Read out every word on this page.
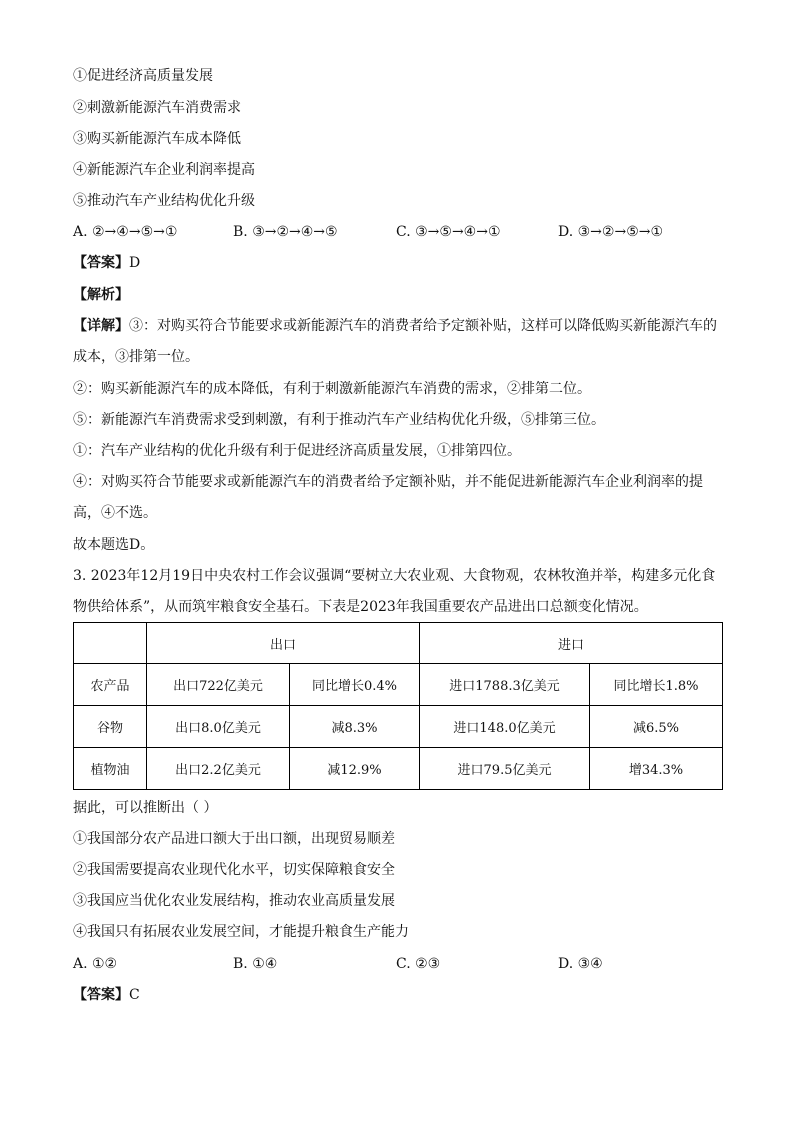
①促进经济高质量发展
②刺激新能源汽车消费需求
③购买新能源汽车成本降低
④新能源汽车企业利润率提高
⑤推动汽车产业结构优化升级
A. ②→④→⑤→①	B. ③→②→④→⑤	C. ③→⑤→④→①	D. ③→②→⑤→①
【答案】D
【解析】
【详解】③：对购买符合节能要求或新能源汽车的消费者给予定额补贴，这样可以降低购买新能源汽车的成本，③排第一位。
②：购买新能源汽车的成本降低，有利于刺激新能源汽车消费的需求，②排第二位。
⑤：新能源汽车消费需求受到刺激，有利于推动汽车产业结构优化升级，⑤排第三位。
①：汽车产业结构的优化升级有利于促进经济高质量发展，①排第四位。
④：对购买符合节能要求或新能源汽车的消费者给予定额补贴，并不能促进新能源汽车企业利润率的提高，④不选。
故本题选D。
3. 2023年12月19日中央农村工作会议强调“要树立大农业观、大食物观，农林牧渔并举，构建多元化食物供给体系”，从而筑牢粮食安全基石。下表是2023年我国重要农产品进出口总额变化情况。
	出口		进口	
农产品	出口722亿美元	同比增长0.4%	进口1788.3亿美元	同比增长1.8%
谷物	出口8.0亿美元	减8.3%	进口148.0亿美元	减6.5%
植物油	出口2.2亿美元	减12.9%	进口79.5亿美元	增34.3%
据此，可以推断出（ ）
①我国部分农产品进口额大于出口额，出现贸易顺差
②我国需要提高农业现代化水平，切实保障粮食安全
③我国应当优化农业发展结构，推动农业高质量发展
④我国只有拓展农业发展空间，才能提升粮食生产能力
A. ①②	B. ①④	C. ②③	D. ③④
【答案】C
